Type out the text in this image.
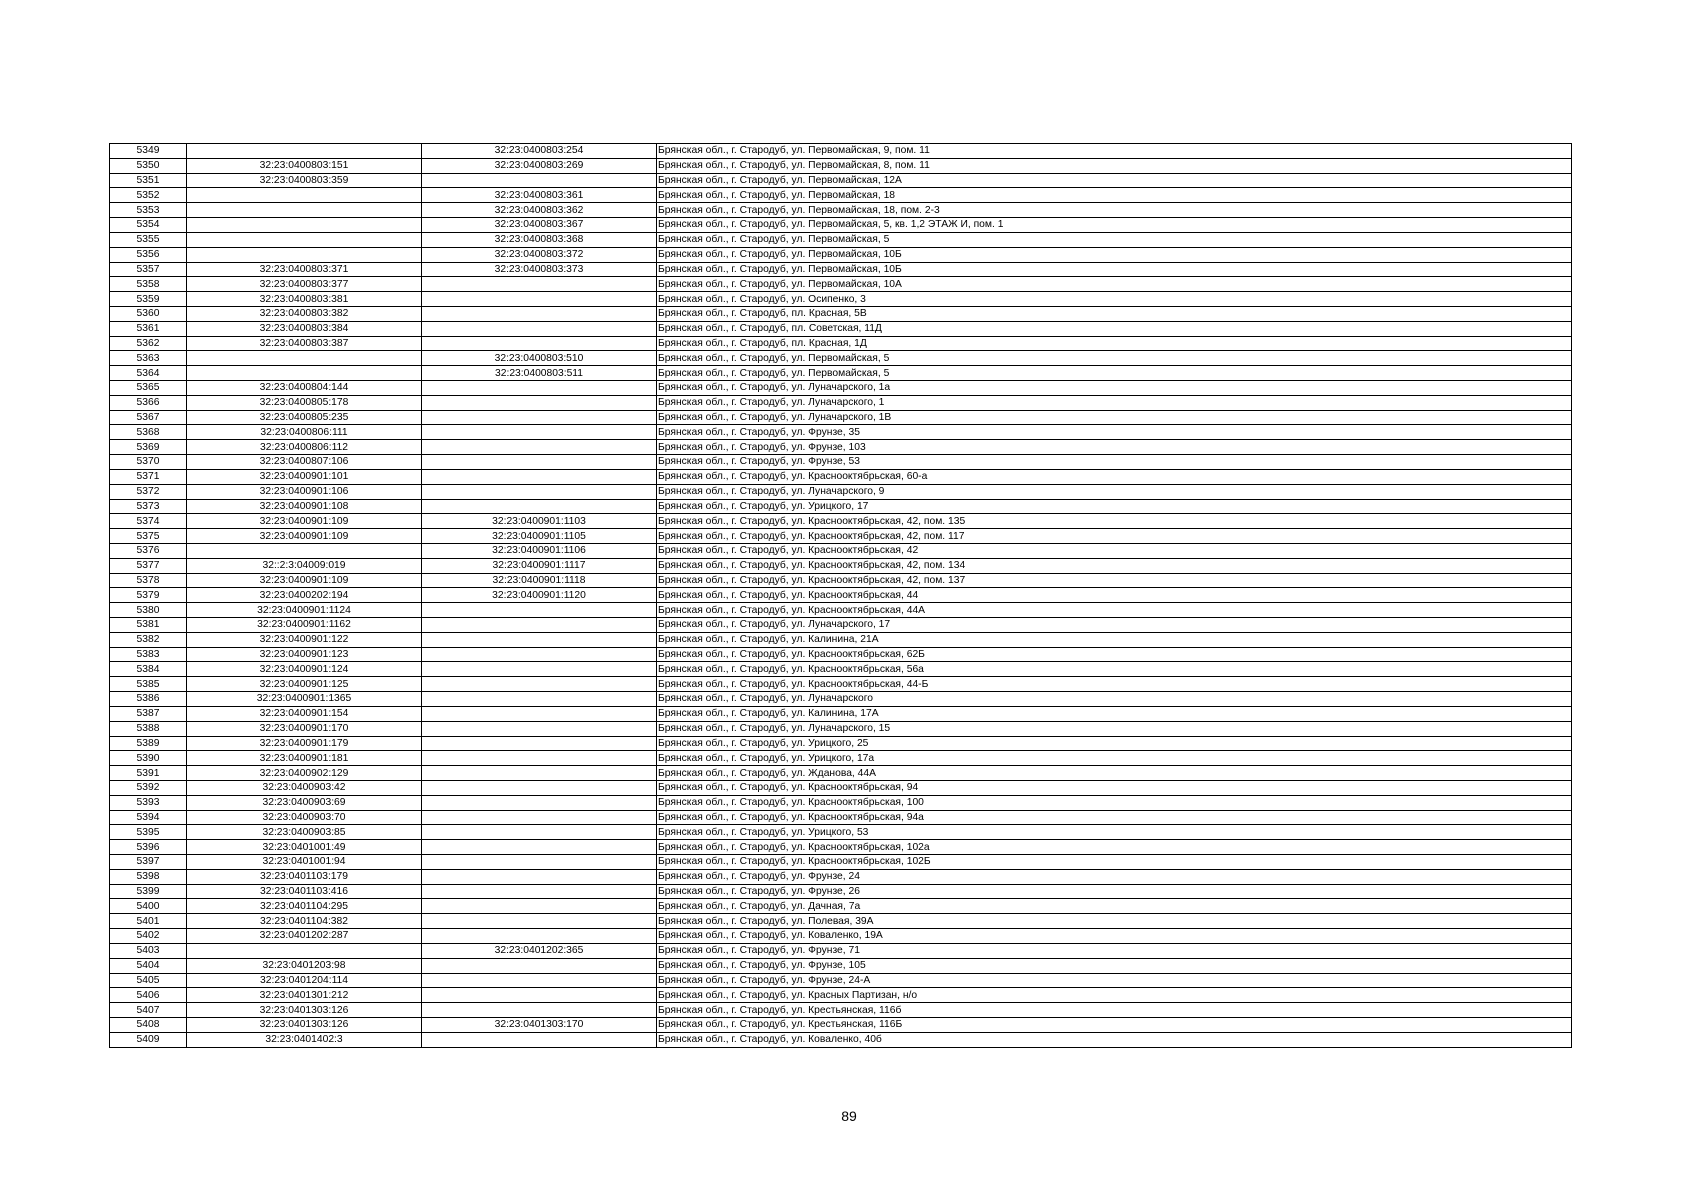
5349		32:23:0400803:254	Брянская обл., г. Стародуб, ул. Первомайская, 9, пом. 11
5350	32:23:0400803:151	32:23:0400803:269	Брянская обл., г. Стародуб, ул. Первомайская, 8, пом. 11
5351	32:23:0400803:359		Брянская обл., г. Стародуб, ул. Первомайская, 12А
5352		32:23:0400803:361	Брянская обл., г. Стародуб, ул. Первомайская, 18
5353		32:23:0400803:362	Брянская обл., г. Стародуб, ул. Первомайская, 18, пом. 2-3
5354		32:23:0400803:367	Брянская обл., г. Стародуб, ул. Первомайская, 5, кв. 1,2 ЭТАЖ И, пом. 1
5355		32:23:0400803:368	Брянская обл., г. Стародуб, ул. Первомайская, 5
5356		32:23:0400803:372	Брянская обл., г. Стародуб, ул. Первомайская, 10Б
5357	32:23:0400803:371	32:23:0400803:373	Брянская обл., г. Стародуб, ул. Первомайская, 10Б
5358	32:23:0400803:377		Брянская обл., г. Стародуб, ул. Первомайская, 10А
5359	32:23:0400803:381		Брянская обл., г. Стародуб, ул. Осипенко, 3
5360	32:23:0400803:382		Брянская обл., г. Стародуб, пл. Красная, 5В
5361	32:23:0400803:384		Брянская обл., г. Стародуб, пл. Советская, 11Д
5362	32:23:0400803:387		Брянская обл., г. Стародуб, пл. Красная, 1Д
5363		32:23:0400803:510	Брянская обл., г. Стародуб, ул. Первомайская, 5
5364		32:23:0400803:511	Брянская обл., г. Стародуб, ул. Первомайская, 5
5365	32:23:0400804:144		Брянская обл., г. Стародуб, ул. Луначарского, 1а
5366	32:23:0400805:178		Брянская обл., г. Стародуб, ул. Луначарского, 1
5367	32:23:0400805:235		Брянская обл., г. Стародуб, ул. Луначарского, 1В
5368	32:23:0400806:111		Брянская обл., г. Стародуб, ул. Фрунзе, 35
5369	32:23:0400806:112		Брянская обл., г. Стародуб, ул. Фрунзе, 103
5370	32:23:0400807:106		Брянская обл., г. Стародуб, ул. Фрунзе, 53
5371	32:23:0400901:101		Брянская обл., г. Стародуб, ул. Краснооктябрьская, 60-а
5372	32:23:0400901:106		Брянская обл., г. Стародуб, ул. Луначарского, 9
5373	32:23:0400901:108		Брянская обл., г. Стародуб, ул. Урицкого, 17
5374	32:23:0400901:109	32:23:0400901:1103	Брянская обл., г. Стародуб, ул. Краснооктябрьская, 42, пом. 135
5375	32:23:0400901:109	32:23:0400901:1105	Брянская обл., г. Стародуб, ул. Краснооктябрьская, 42, пом. 117
5376		32:23:0400901:1106	Брянская обл., г. Стародуб, ул. Краснооктябрьская, 42
5377	32::2:3:04009:019	32:23:0400901:1117	Брянская обл., г. Стародуб, ул. Краснооктябрьская, 42, пом. 134
5378	32:23:0400901:109	32:23:0400901:1118	Брянская обл., г. Стародуб, ул. Краснооктябрьская, 42, пом. 137
5379	32:23:0400202:194	32:23:0400901:1120	Брянская обл., г. Стародуб, ул. Краснооктябрьская, 44
5380	32:23:0400901:1124		Брянская обл., г. Стародуб, ул. Краснооктябрьская, 44А
5381	32:23:0400901:1162		Брянская обл., г. Стародуб, ул. Луначарского, 17
5382	32:23:0400901:122		Брянская обл., г. Стародуб, ул. Калинина, 21А
5383	32:23:0400901:123		Брянская обл., г. Стародуб, ул. Краснооктябрьская, 62Б
5384	32:23:0400901:124		Брянская обл., г. Стародуб, ул. Краснооктябрьская, 56а
5385	32:23:0400901:125		Брянская обл., г. Стародуб, ул. Краснооктябрьская, 44-Б
5386	32:23:0400901:1365		Брянская обл., г. Стародуб, ул. Луначарского
5387	32:23:0400901:154		Брянская обл., г. Стародуб, ул. Калинина, 17А
5388	32:23:0400901:170		Брянская обл., г. Стародуб, ул. Луначарского, 15
5389	32:23:0400901:179		Брянская обл., г. Стародуб, ул. Урицкого, 25
5390	32:23:0400901:181		Брянская обл., г. Стародуб, ул. Урицкого, 17а
5391	32:23:0400902:129		Брянская обл., г. Стародуб, ул. Жданова, 44А
5392	32:23:0400903:42		Брянская обл., г. Стародуб, ул. Краснооктябрьская, 94
5393	32:23:0400903:69		Брянская обл., г. Стародуб, ул. Краснооктябрьская, 100
5394	32:23:0400903:70		Брянская обл., г. Стародуб, ул. Краснооктябрьская, 94а
5395	32:23:0400903:85		Брянская обл., г. Стародуб, ул. Урицкого, 53
5396	32:23:0401001:49		Брянская обл., г. Стародуб, ул. Краснооктябрьская, 102а
5397	32:23:0401001:94		Брянская обл., г. Стародуб, ул. Краснооктябрьская, 102Б
5398	32:23:0401103:179		Брянская обл., г. Стародуб, ул. Фрунзе, 24
5399	32:23:0401103:416		Брянская обл., г. Стародуб, ул. Фрунзе, 26
5400	32:23:0401104:295		Брянская обл., г. Стародуб, ул. Дачная, 7а
5401	32:23:0401104:382		Брянская обл., г. Стародуб, ул. Полевая, 39А
5402	32:23:0401202:287		Брянская обл., г. Стародуб, ул. Коваленко, 19А
5403		32:23:0401202:365	Брянская обл., г. Стародуб, ул. Фрунзе, 71
5404	32:23:0401203:98		Брянская обл., г. Стародуб, ул. Фрунзе, 105
5405	32:23:0401204:114		Брянская обл., г. Стародуб, ул. Фрунзе, 24-А
5406	32:23:0401301:212		Брянская обл., г. Стародуб, ул. Красных Партизан, н/о
5407	32:23:0401303:126		Брянская обл., г. Стародуб, ул. Крестьянская, 116б
5408	32:23:0401303:126	32:23:0401303:170	Брянская обл., г. Стародуб, ул. Крестьянская, 116Б
5409	32:23:0401402:3		Брянская обл., г. Стародуб, ул. Коваленко, 40б
89
